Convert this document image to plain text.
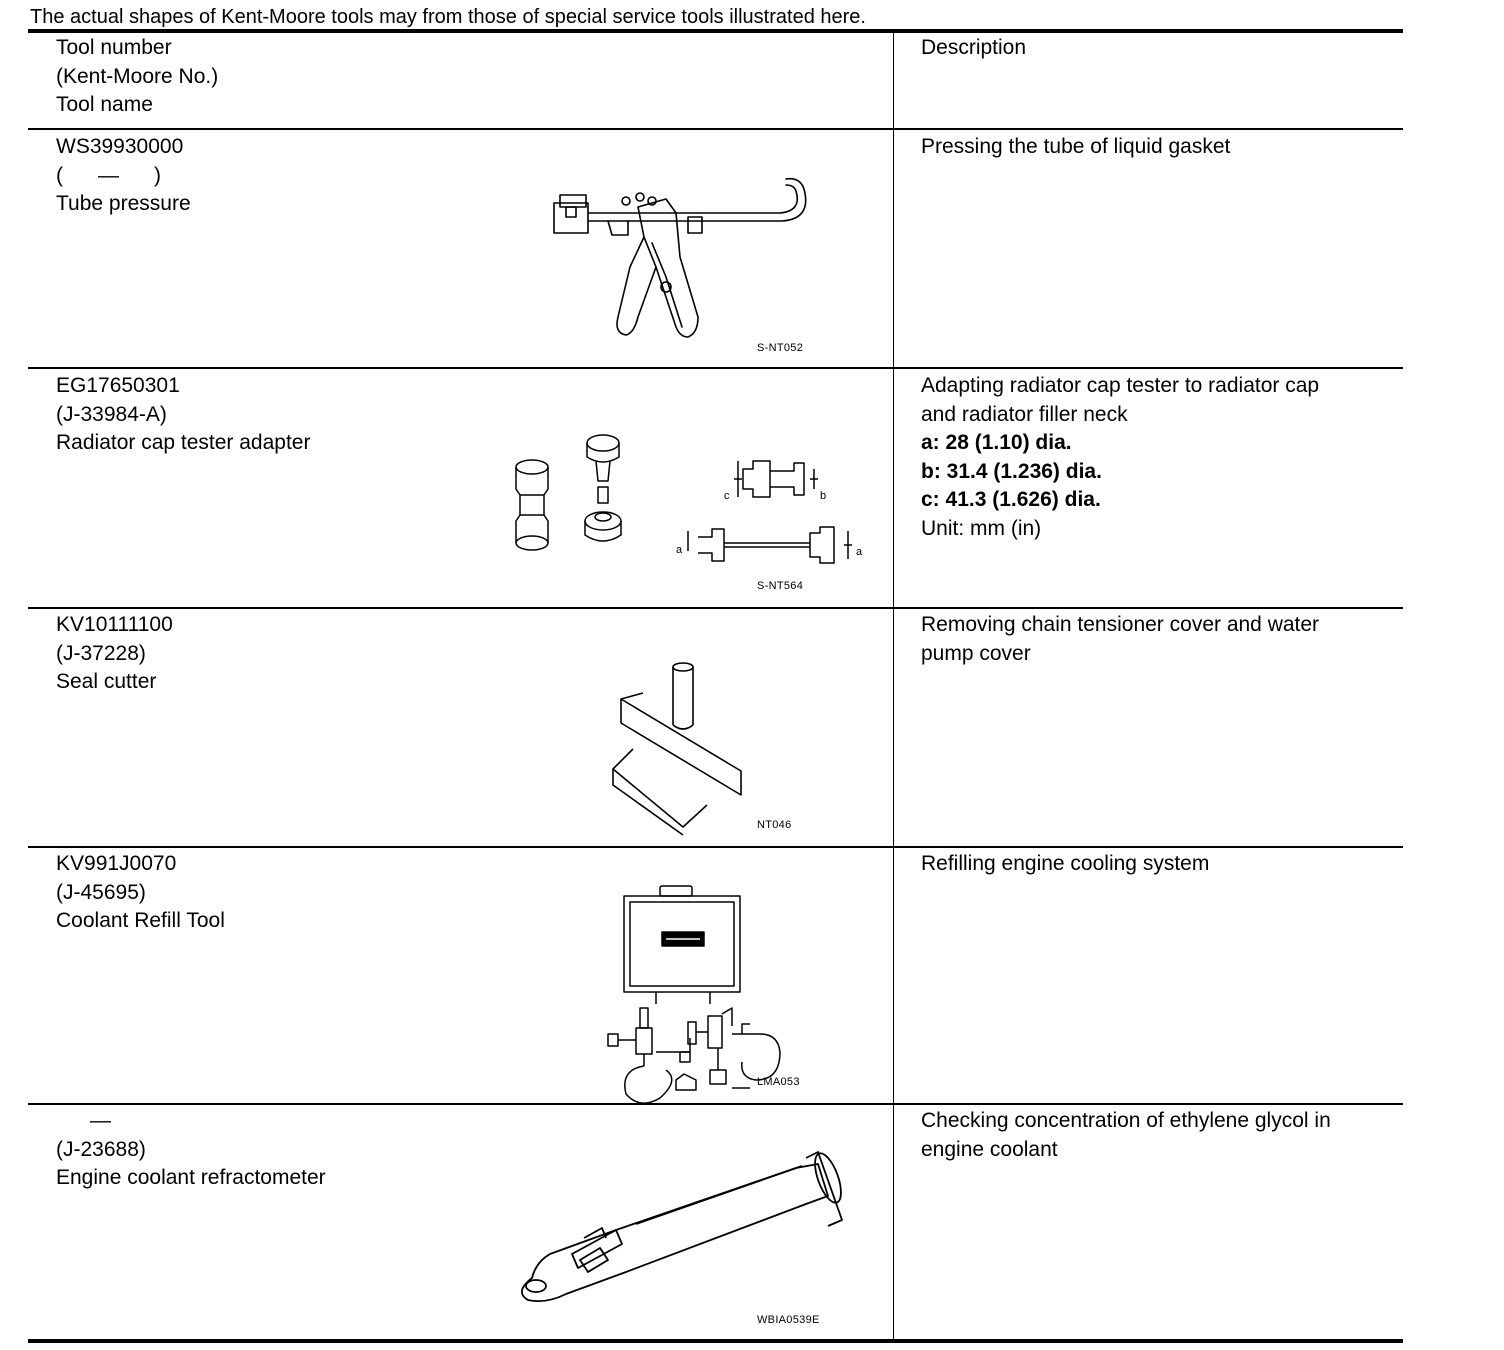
The actual shapes of Kent-Moore tools may from those of special service tools illustrated here.
Tool number
(Kent-Moore No.)
Tool name
Description
WS39930000
(      —      )
Tube pressure
Pressing the tube of liquid gasket
S-NT052
EG17650301
(J-33984-A)
Radiator cap tester adapter
Adapting radiator cap tester to radiator cap
and radiator filler neck
a: 28 (1.10) dia.
b: 31.4 (1.236) dia.
c: 41.3 (1.626) dia.
Unit: mm (in)
c	b
a	a
S-NT564
KV10111100
(J-37228)
Seal cutter
Removing chain tensioner cover and water
pump cover
NT046
KV991J0070
(J-45695)
Coolant Refill Tool
Refilling engine cooling system
LMA053
—
(J-23688)
Engine coolant refractometer
Checking concentration of ethylene glycol in
engine coolant
WBIA0539E
